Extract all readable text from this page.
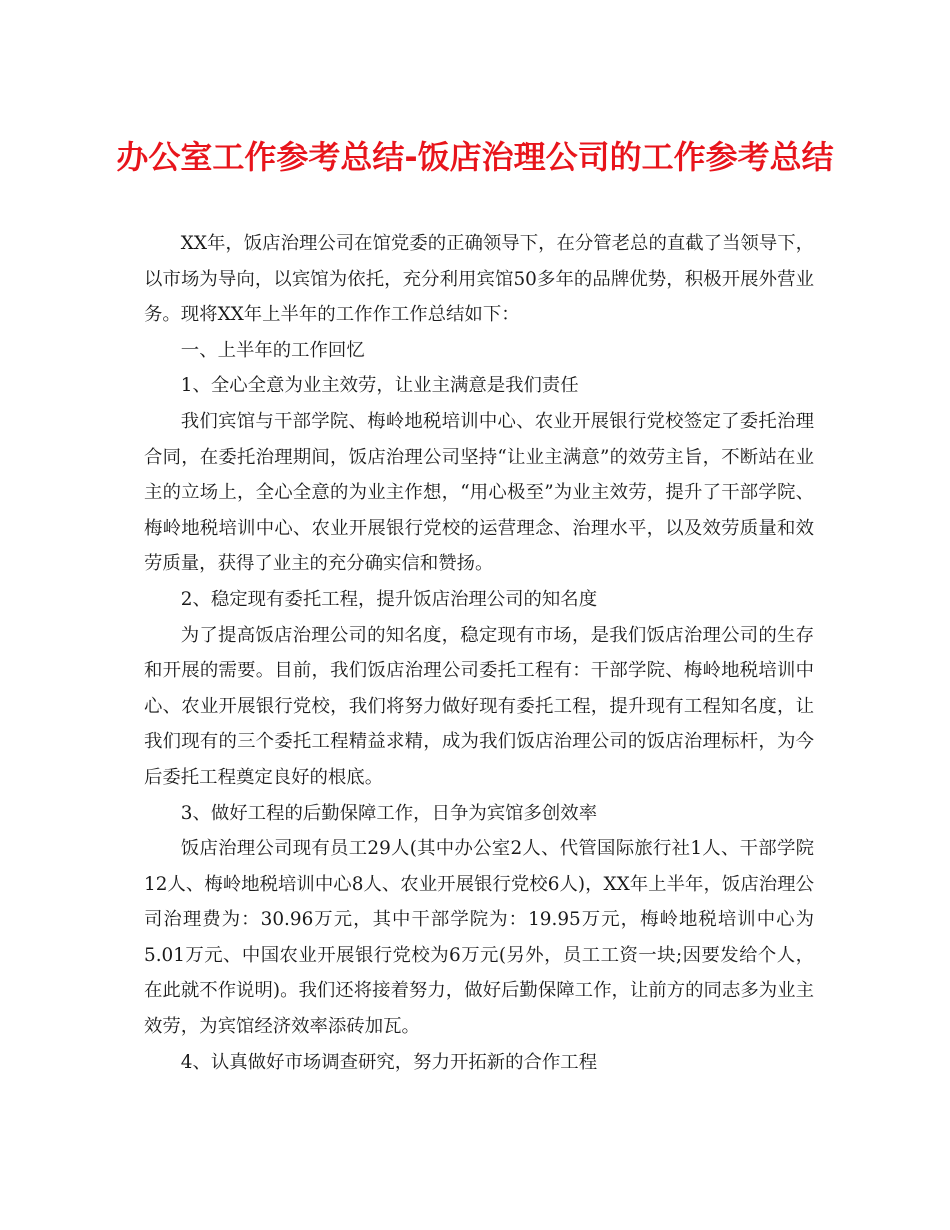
办公室工作参考总结-饭店治理公司的工作参考总结

XX年，饭店治理公司在馆党委的正确领导下，在分管老总的直截了当领导下，以市场为导向，以宾馆为依托，充分利用宾馆50多年的品牌优势，积极开展外营业务。现将XX年上半年的工作作工作总结如下：

一、上半年的工作回忆

1、全心全意为业主效劳，让业主满意是我们责任

我们宾馆与干部学院、梅岭地税培训中心、农业开展银行党校签定了委托治理合同，在委托治理期间，饭店治理公司坚持“让业主满意”的效劳主旨，不断站在业主的立场上，全心全意的为业主作想，“用心极至”为业主效劳，提升了干部学院、梅岭地税培训中心、农业开展银行党校的运营理念、治理水平，以及效劳质量和效劳质量，获得了业主的充分确实信和赞扬。

2、稳定现有委托工程，提升饭店治理公司的知名度

为了提高饭店治理公司的知名度，稳定现有市场，是我们饭店治理公司的生存和开展的需要。目前，我们饭店治理公司委托工程有：干部学院、梅岭地税培训中心、农业开展银行党校，我们将努力做好现有委托工程，提升现有工程知名度，让我们现有的三个委托工程精益求精，成为我们饭店治理公司的饭店治理标杆，为今后委托工程奠定良好的根底。

3、做好工程的后勤保障工作，日争为宾馆多创效率

饭店治理公司现有员工29人(其中办公室2人、代管国际旅行社1人、干部学院12人、梅岭地税培训中心8人、农业开展银行党校6人)，XX年上半年，饭店治理公司治理费为：30.96万元，其中干部学院为：19.95万元，梅岭地税培训中心为5.01万元、中国农业开展银行党校为6万元(另外，员工工资一块;因要发给个人，在此就不作说明)。我们还将接着努力，做好后勤保障工作，让前方的同志多为业主效劳，为宾馆经济效率添砖加瓦。

4、认真做好市场调查研究，努力开拓新的合作工程
